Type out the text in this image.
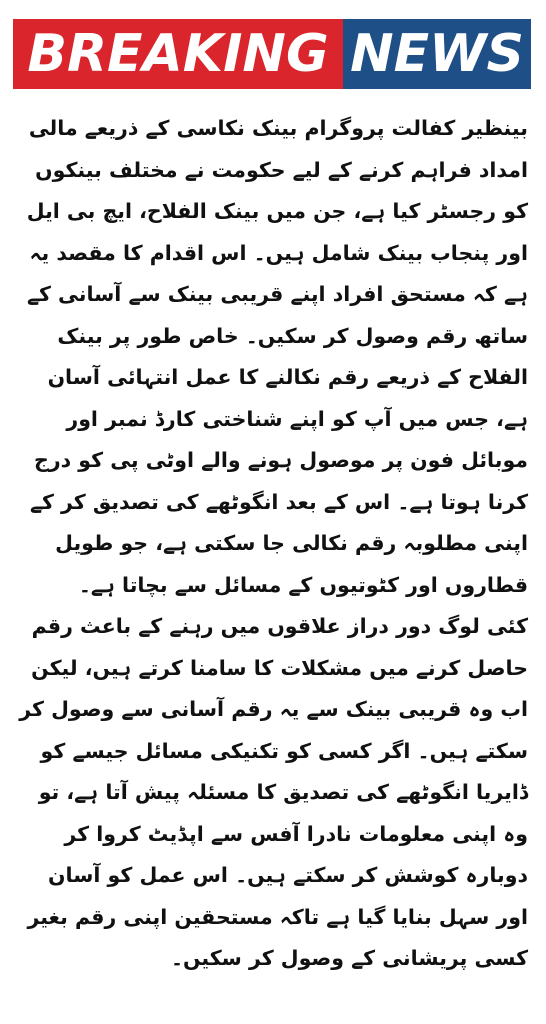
BREAKING NEWS

بینظیر کفالت پروگرام بینک نکاسی کے ذریعے مالی امداد فراہم کرنے کے لیے حکومت نے مختلف بینکوں کو رجسٹر کیا ہے، جن میں بینک الفلاح، ایچ بی ایل اور پنجاب بینک شامل ہیں۔ اس اقدام کا مقصد یہ ہے کہ مستحق افراد اپنے قریبی بینک سے آسانی کے ساتھ رقم وصول کر سکیں۔ خاص طور پر بینک الفلاح کے ذریعے رقم نکالنے کا عمل انتہائی آسان ہے، جس میں آپ کو اپنے شناختی کارڈ نمبر اور موبائل فون پر موصول ہونے والے اوٹی پی کو درج کرنا ہوتا ہے۔ اس کے بعد انگوٹھے کی تصدیق کر کے اپنی مطلوبہ رقم نکالی جا سکتی ہے، جو طویل قطاروں اور کٹوتیوں کے مسائل سے بچاتا ہے۔

کئی لوگ دور دراز علاقوں میں رہنے کے باعث رقم حاصل کرنے میں مشکلات کا سامنا کرتے ہیں، لیکن اب وہ قریبی بینک سے یہ رقم آسانی سے وصول کر سکتے ہیں۔ اگر کسی کو تکنیکی مسائل جیسے کو ڈایریا انگوٹھے کی تصدیق کا مسئلہ پیش آتا ہے، تو وہ اپنی معلومات نادرا آفس سے اپڈیٹ کروا کر دوبارہ کوشش کر سکتے ہیں۔ اس عمل کو آسان اور سہل بنایا گیا ہے تاکہ مستحقین اپنی رقم بغیر کسی پریشانی کے وصول کر سکیں۔
